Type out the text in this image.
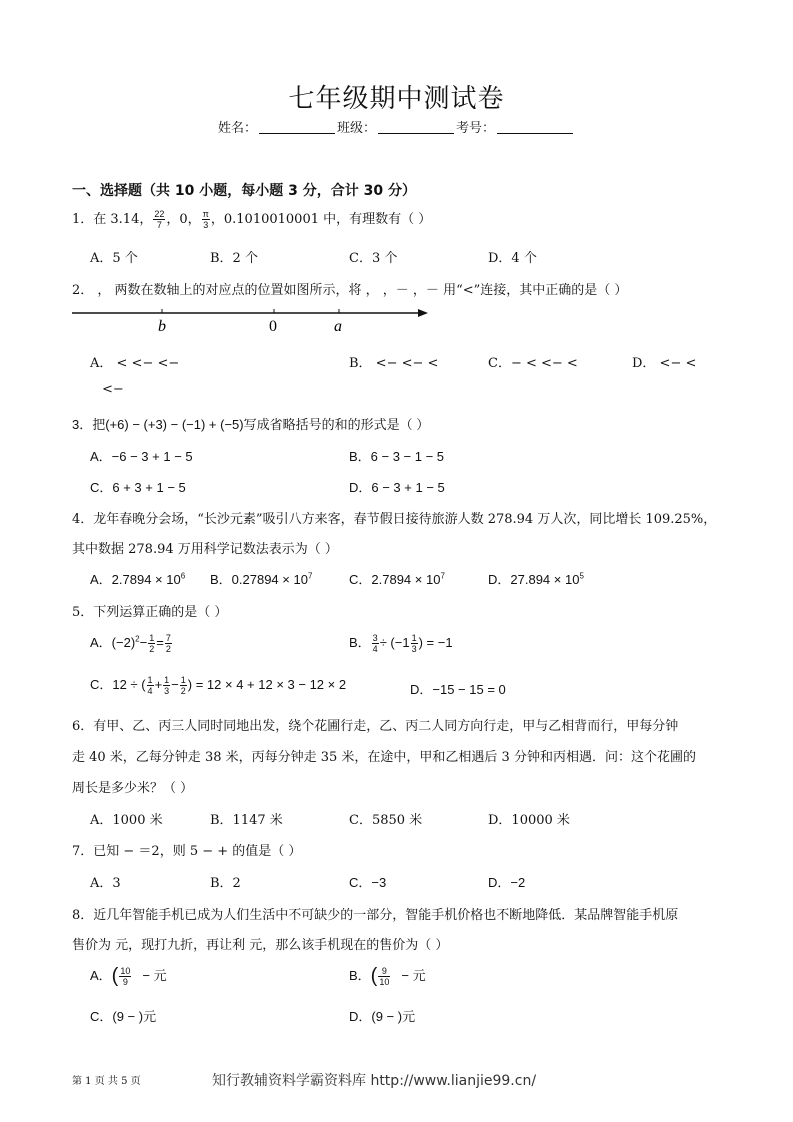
七年级期中测试卷
姓名：	班级：	考号：
一、选择题（共 10 小题，每小题 3 分，合计 30 分）
1．在 3.14， $\frac{22}{7}$ ，0， $\frac{\pi}{3}$ ，0.1010010001 中，有理数有（ ）
A．5 个	B．2 个	C．3 个	D．4 个
2． ， 两数在数轴上的对应点的位置如图所示，将 ， ，－ ，－ 用“<”连接，其中正确的是（ ）
b	0	a
A． < <− <−
<−
B． <− <− <	C．− < <− <	D． <− <
3．把(+6) − (+3) − (−1) + (−5)写成省略括号的和的形式是（ ）
A．−6 − 3 + 1 − 5	B．6 − 3 − 1 − 5
C．6 + 3 + 1 − 5	D．6 − 3 + 1 − 5
4．龙年春晚分会场，“长沙元素”吸引八方来客，春节假日接待旅游人数 278.94 万人次，同比增长 109.25%，
其中数据 278.94 万用科学记数法表示为（ ）
A．$2.7894 \times 10^6$ B．$0.27894 \times 10^7$	C．$2.7894 \times 10^7$	D．$27.894 \times 10^5$
5．下列运算正确的是（ ）
A．$(-2)^2- \frac{1}{2} = \frac{7}{2}$	B． $\frac{3}{4} \div (-1 \frac{1}{3}$ ) = −1
C．12 ÷ ( $\frac{1}{4} + \frac{1}{3} - \frac{1}{2}$ ) = 12 × 4 + 12 × 3 − 12 × 2	D．−15 − 15 = 0
6．有甲、乙、丙三人同时同地出发，绕个花圃行走，乙、丙二人同方向行走，甲与乙相背而行，甲每分钟
走 40 米，乙每分钟走 38 米，丙每分钟走 35 米，在途中，甲和乙相遇后 3 分钟和丙相遇．问：这个花圃的
周长是多少米？（ ）
A．1000 米	B．1147 米	C．5850 米	D．10000 米
7．已知 − ＝2，则 5 − + 的值是（ ）
A．3	B．2	C．−3	D．−2
8．近几年智能手机已成为人们生活中不可缺少的一部分，智能手机价格也不断地降低．某品牌智能手机原
售价为 元，现打九折，再让利 元，那么该手机现在的售价为（ ）
A．( $\frac{10}{9}$ − 元	B．( $\frac{9}{10}$ − 元
C．(9 − )元	D．(9 − )元
第 1 页 共 5 页	知行教辅资料学霸资料库 http://www.lianjie99.cn/
